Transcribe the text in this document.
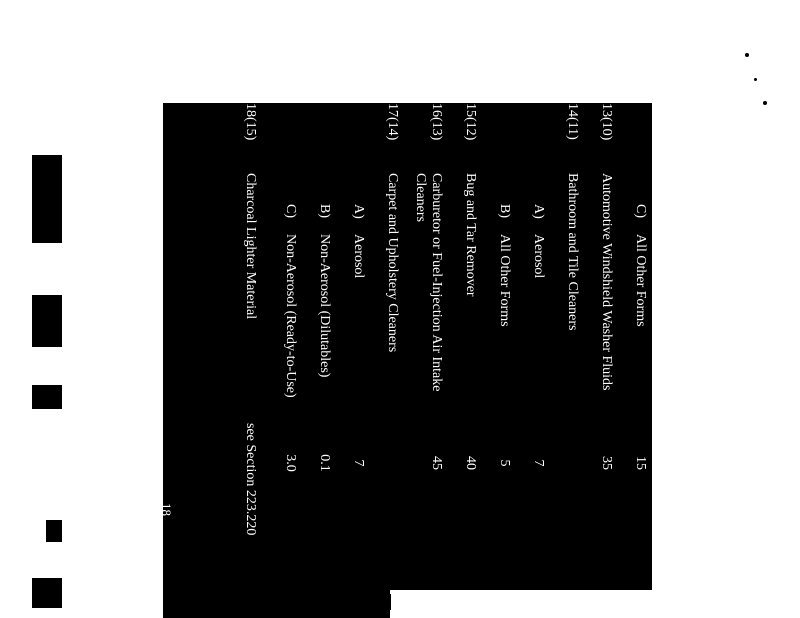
JCAR350223-1200727r01
C)
All Other Forms
15
13(10)
Automotive Windshield Washer Fluids
35
14(11)
Bathroom and Tile Cleaners
A)
Aerosol
7
B)
All Other Forms
5
15(12)
Bug and Tar Remover
40
16(13)
Carburetor or Fuel-Injection Air Intake Cleaners
45
17(14)
Carpet and Upholstery Cleaners
A)
Aerosol
7
B)
Non-Aerosol (Dilutables)
0.1
C)
Non-Aerosol (Ready-to-Use)
3.0
18(15)
Charcoal Lighter Material
see Section 223.220
18
